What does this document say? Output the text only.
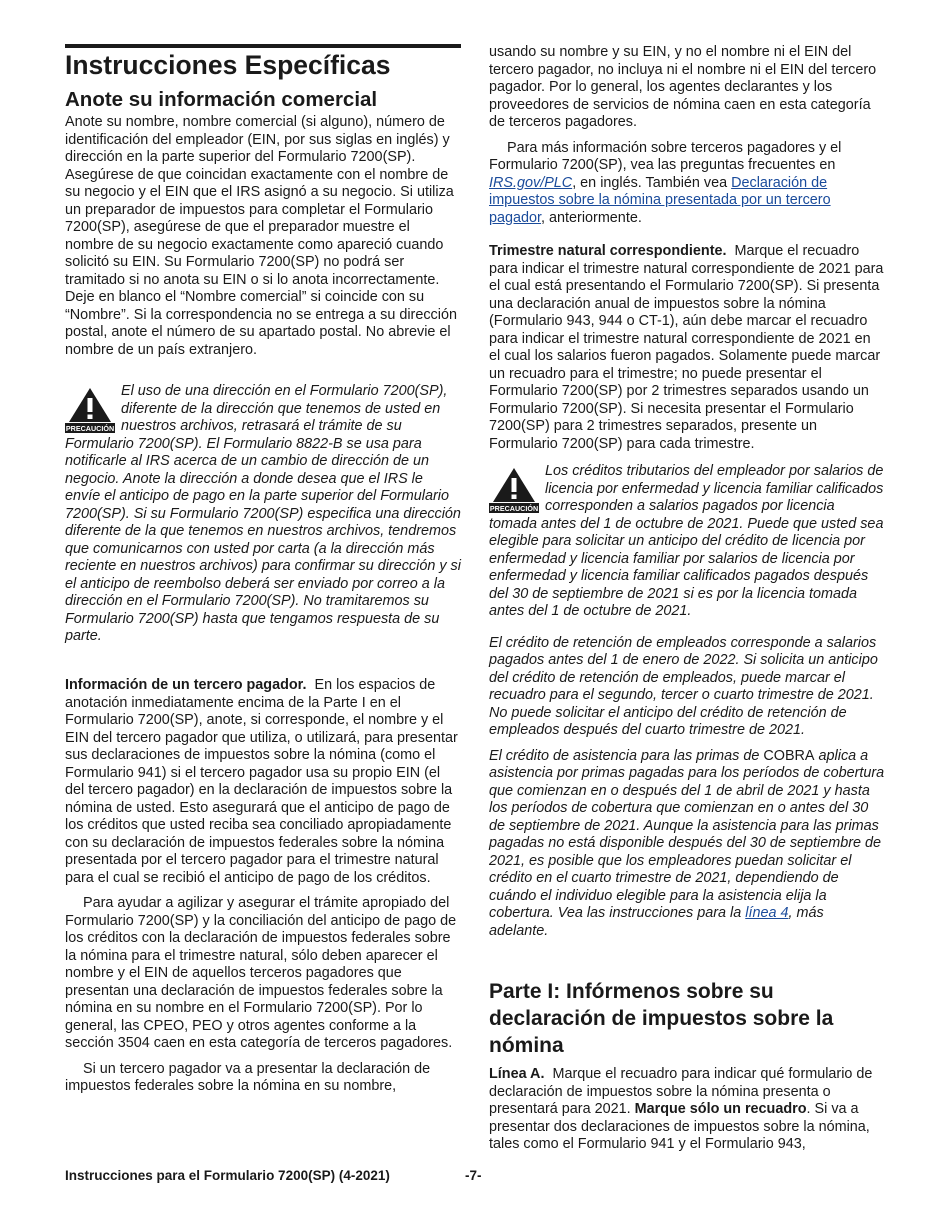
Instrucciones Específicas
Anote su información comercial

Anote su nombre, nombre comercial (si alguno), número de identificación del empleador (EIN, por sus siglas en inglés) y dirección en la parte superior del Formulario 7200(SP). Asegúrese de que coincidan exactamente con el nombre de su negocio y el EIN que el IRS asignó a su negocio. Si utiliza un preparador de impuestos para completar el Formulario 7200(SP), asegúrese de que el preparador muestre el nombre de su negocio exactamente como apareció cuando solicitó su EIN. Su Formulario 7200(SP) no podrá ser tramitado si no anota su EIN o si lo anota incorrectamente. Deje en blanco el “Nombre comercial” si coincide con su “Nombre”. Si la correspondencia no se entrega a su dirección postal, anote el número de su apartado postal. No abrevie el nombre de un país extranjero.

PRECAUCIÓN

El uso de una dirección en el Formulario 7200(SP), diferente de la dirección que tenemos de usted en nuestros archivos, retrasará el trámite de su Formulario 7200(SP). El Formulario 8822-B se usa para notificarle al IRS acerca de un cambio de dirección de un negocio. Anote la dirección a donde desea que el IRS le envíe el anticipo de pago en la parte superior del Formulario 7200(SP). Si su Formulario 7200(SP) especifica una dirección diferente de la que tenemos en nuestros archivos, tendremos que comunicarnos con usted por carta (a la dirección más reciente en nuestros archivos) para confirmar su dirección y si el anticipo de reembolso deberá ser enviado por correo a la dirección en el Formulario 7200(SP). No tramitaremos su Formulario 7200(SP) hasta que tengamos respuesta de su parte.

Información de un tercero pagador. En los espacios de anotación inmediatamente encima de la Parte I en el Formulario 7200(SP), anote, si corresponde, el nombre y el EIN del tercero pagador que utiliza, o utilizará, para presentar sus declaraciones de impuestos sobre la nómina (como el Formulario 941) si el tercero pagador usa su propio EIN (el del tercero pagador) en la declaración de impuestos sobre la nómina de usted. Esto asegurará que el anticipo de pago de los créditos que usted reciba sea conciliado apropiadamente con su declaración de impuestos federales sobre la nómina presentada por el tercero pagador para el trimestre natural para el cual se recibió el anticipo de pago de los créditos.

Para ayudar a agilizar y asegurar el trámite apropiado del Formulario 7200(SP) y la conciliación del anticipo de pago de los créditos con la declaración de impuestos federales sobre la nómina para el trimestre natural, sólo deben aparecer el nombre y el EIN de aquellos terceros pagadores que presentan una declaración de impuestos federales sobre la nómina en su nombre en el Formulario 7200(SP). Por lo general, las CPEO, PEO y otros agentes conforme a la sección 3504 caen en esta categoría de terceros pagadores.

Si un tercero pagador va a presentar la declaración de impuestos federales sobre la nómina en su nombre,

usando su nombre y su EIN, y no el nombre ni el EIN del tercero pagador, no incluya ni el nombre ni el EIN del tercero pagador. Por lo general, los agentes declarantes y los proveedores de servicios de nómina caen en esta categoría de terceros pagadores.

Para más información sobre terceros pagadores y el Formulario 7200(SP), vea las preguntas frecuentes en IRS.gov/PLC, en inglés. También vea Declaración de impuestos sobre la nómina presentada por un tercero pagador, anteriormente.

Trimestre natural correspondiente. Marque el recuadro para indicar el trimestre natural correspondiente de 2021 para el cual está presentando el Formulario 7200(SP). Si presenta una declaración anual de impuestos sobre la nómina (Formulario 943, 944 o CT-1), aún debe marcar el recuadro para indicar el trimestre natural correspondiente de 2021 en el cual los salarios fueron pagados. Solamente puede marcar un recuadro para el trimestre; no puede presentar el Formulario 7200(SP) por 2 trimestres separados usando un Formulario 7200(SP). Si necesita presentar el Formulario 7200(SP) para 2 trimestres separados, presente un Formulario 7200(SP) para cada trimestre.

PRECAUCIÓN

Los créditos tributarios del empleador por salarios de licencia por enfermedad y licencia familiar calificados corresponden a salarios pagados por licencia tomada antes del 1 de octubre de 2021. Puede que usted sea elegible para solicitar un anticipo del crédito de licencia por enfermedad y licencia familiar por salarios de licencia por enfermedad y licencia familiar calificados pagados después del 30 de septiembre de 2021 si es por la licencia tomada antes del 1 de octubre de 2021.

El crédito de retención de empleados corresponde a salarios pagados antes del 1 de enero de 2022. Si solicita un anticipo del crédito de retención de empleados, puede marcar el recuadro para el segundo, tercer o cuarto trimestre de 2021. No puede solicitar el anticipo del crédito de retención de empleados después del cuarto trimestre de 2021.

El crédito de asistencia para las primas de COBRA aplica a asistencia por primas pagadas para los períodos de cobertura que comienzan en o después del 1 de abril de 2021 y hasta los períodos de cobertura que comienzan en o antes del 30 de septiembre de 2021. Aunque la asistencia para las primas pagadas no está disponible después del 30 de septiembre de 2021, es posible que los empleadores puedan solicitar el crédito en el cuarto trimestre de 2021, dependiendo de cuándo el individuo elegible para la asistencia elija la cobertura. Vea las instrucciones para la línea 4, más adelante.

Parte I: Infórmenos sobre su declaración de impuestos sobre la nómina

Línea A. Marque el recuadro para indicar qué formulario de declaración de impuestos sobre la nómina presenta o presentará para 2021. Marque sólo un recuadro. Si va a presentar dos declaraciones de impuestos sobre la nómina, tales como el Formulario 941 y el Formulario 943,

Instrucciones para el Formulario 7200(SP) (4-2021)	-7-
